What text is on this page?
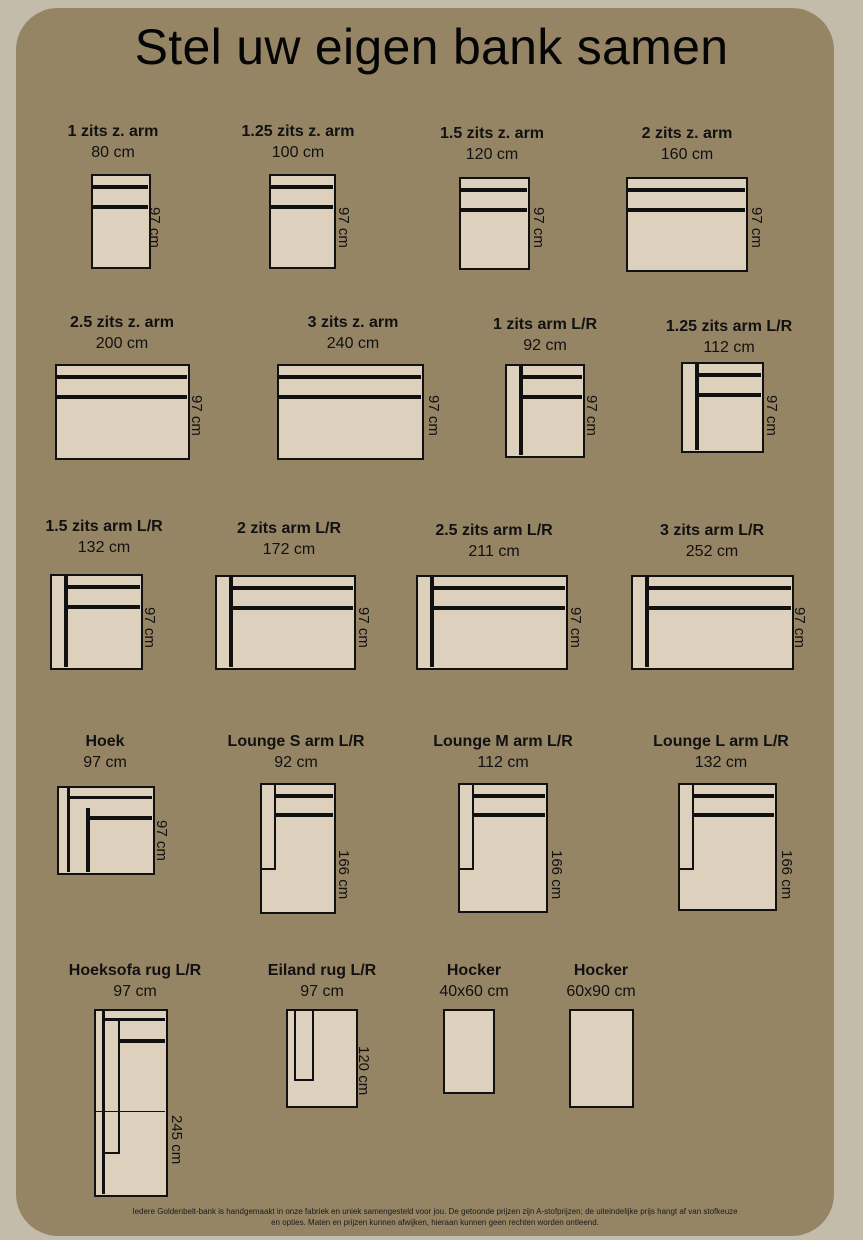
Stel uw eigen bank samen
1 zits z. arm
80 cm
97 cm
1.25 zits z. arm
100 cm
97 cm
1.5 zits z. arm
120 cm
97 cm
2 zits z. arm
160 cm
97 cm
2.5 zits z. arm
200 cm
97 cm
3 zits z. arm
240 cm
97 cm
1 zits arm L/R
92 cm
97 cm
1.25 zits arm L/R
112 cm
97 cm
1.5 zits arm L/R
132 cm
97 cm
2 zits arm L/R
172 cm
97 cm
2.5 zits arm L/R
211 cm
97 cm
3 zits arm L/R
252 cm
97 cm
Hoek
97 cm
97 cm
Lounge S arm L/R
92 cm
166 cm
Lounge M arm L/R
112 cm
166 cm
Lounge L arm L/R
132 cm
166 cm
Hoeksofa rug L/R
97 cm
245 cm
Eiland rug L/R
97 cm
120 cm
Hocker
40x60 cm
Hocker
60x90 cm
Iedere Goldenbelt-bank is handgemaakt in onze fabriek en uniek samengesteld voor jou. De getoonde prijzen zijn A-stofprijzen; de uiteindelijke prijs hangt af van stofkeuze
en opties. Maten en prijzen kunnen afwijken, hieraan kunnen geen rechten worden ontleend.
